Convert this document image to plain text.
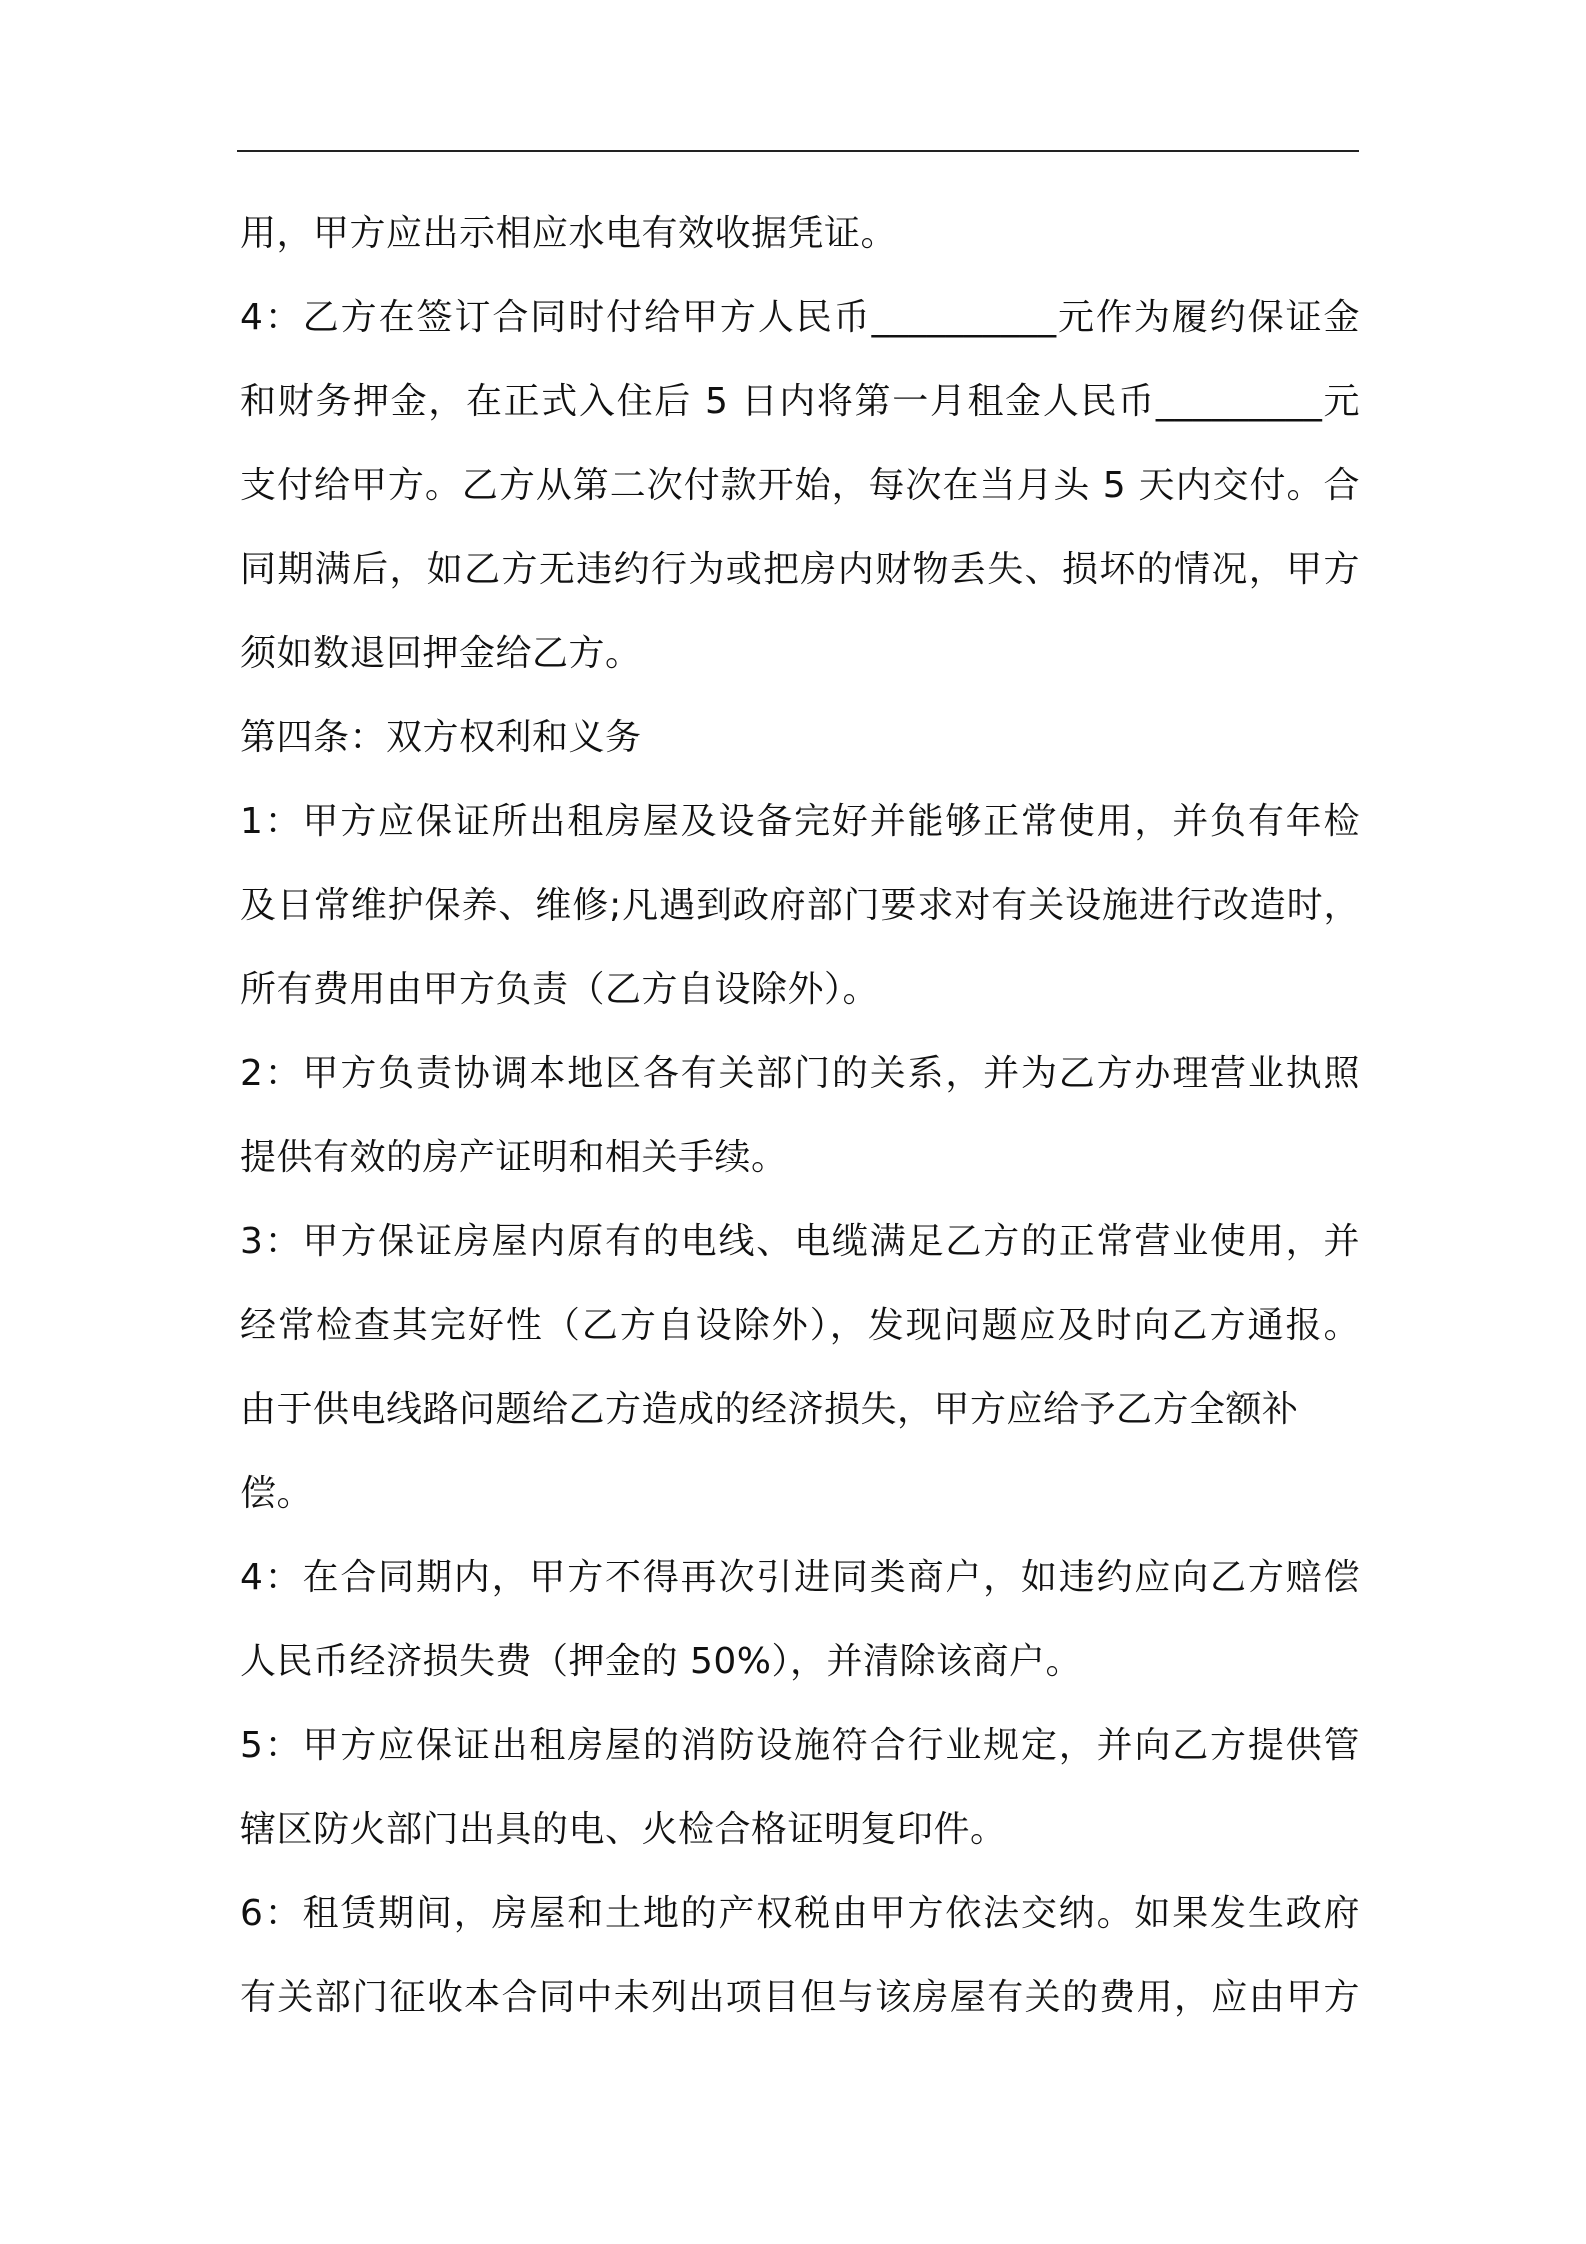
用，甲方应出示相应水电有效收据凭证。
4：乙方在签订合同时付给甲方人民币__________元作为履约保证金
和财务押金，在正式入住后 5 日内将第一月租金人民币_________元
支付给甲方。乙方从第二次付款开始，每次在当月头 5 天内交付。合
同期满后，如乙方无违约行为或把房内财物丢失、损坏的情况，甲方
须如数退回押金给乙方。
第四条：双方权利和义务
1：甲方应保证所出租房屋及设备完好并能够正常使用，并负有年检
及日常维护保养、维修;凡遇到政府部门要求对有关设施进行改造时，
所有费用由甲方负责（乙方自设除外）。
2：甲方负责协调本地区各有关部门的关系，并为乙方办理营业执照
提供有效的房产证明和相关手续。
3：甲方保证房屋内原有的电线、电缆满足乙方的正常营业使用，并
经常检查其完好性（乙方自设除外），发现问题应及时向乙方通报。
由于供电线路问题给乙方造成的经济损失，甲方应给予乙方全额补
偿。
4：在合同期内，甲方不得再次引进同类商户，如违约应向乙方赔偿
人民币经济损失费（押金的 50%），并清除该商户。
5：甲方应保证出租房屋的消防设施符合行业规定，并向乙方提供管
辖区防火部门出具的电、火检合格证明复印件。
6：租赁期间，房屋和土地的产权税由甲方依法交纳。如果发生政府
有关部门征收本合同中未列出项目但与该房屋有关的费用，应由甲方
